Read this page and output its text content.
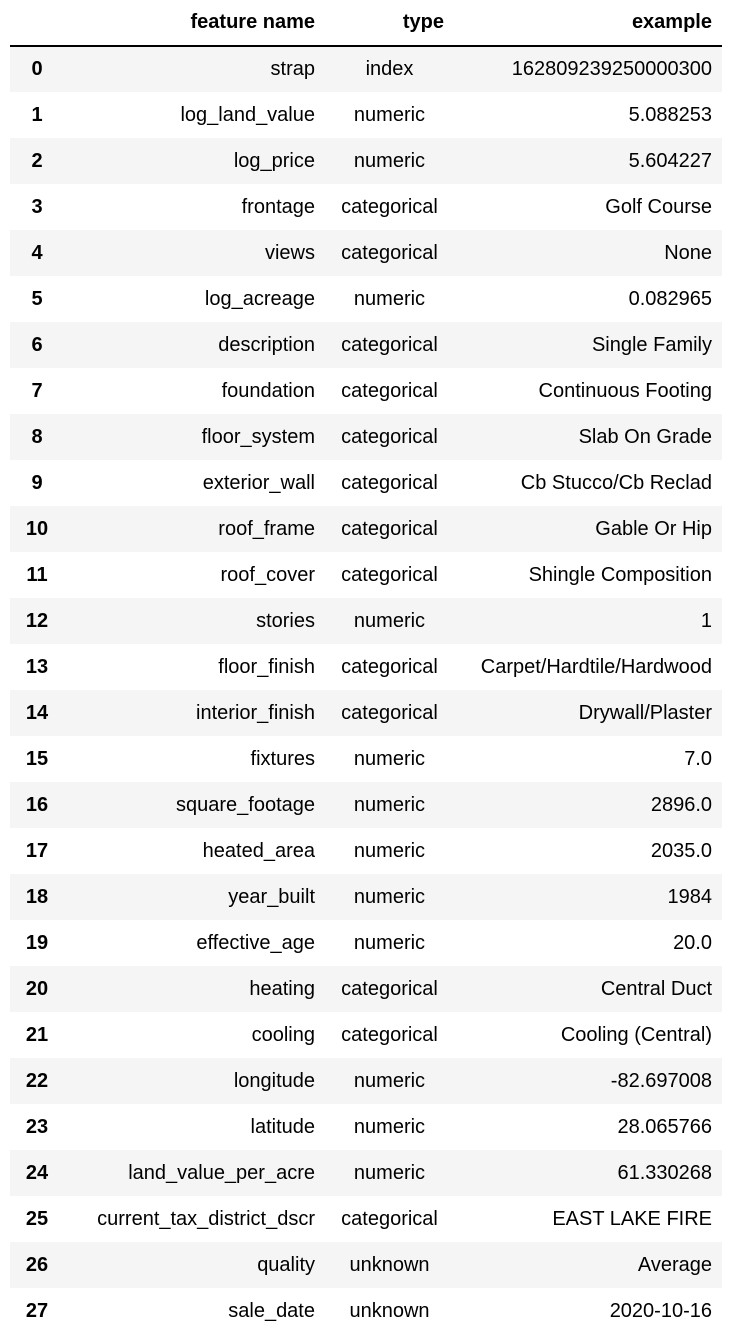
	feature name	type	example
0	strap	index	162809239250000300
1	log_land_value	numeric	5.088253
2	log_price	numeric	5.604227
3	frontage	categorical	Golf Course
4	views	categorical	None
5	log_acreage	numeric	0.082965
6	description	categorical	Single Family
7	foundation	categorical	Continuous Footing
8	floor_system	categorical	Slab On Grade
9	exterior_wall	categorical	Cb Stucco/Cb Reclad
10	roof_frame	categorical	Gable Or Hip
11	roof_cover	categorical	Shingle Composition
12	stories	numeric	1
13	floor_finish	categorical	Carpet/Hardtile/Hardwood
14	interior_finish	categorical	Drywall/Plaster
15	fixtures	numeric	7.0
16	square_footage	numeric	2896.0
17	heated_area	numeric	2035.0
18	year_built	numeric	1984
19	effective_age	numeric	20.0
20	heating	categorical	Central Duct
21	cooling	categorical	Cooling (Central)
22	longitude	numeric	-82.697008
23	latitude	numeric	28.065766
24	land_value_per_acre	numeric	61.330268
25	current_tax_district_dscr	categorical	EAST LAKE FIRE
26	quality	unknown	Average
27	sale_date	unknown	2020-10-16
